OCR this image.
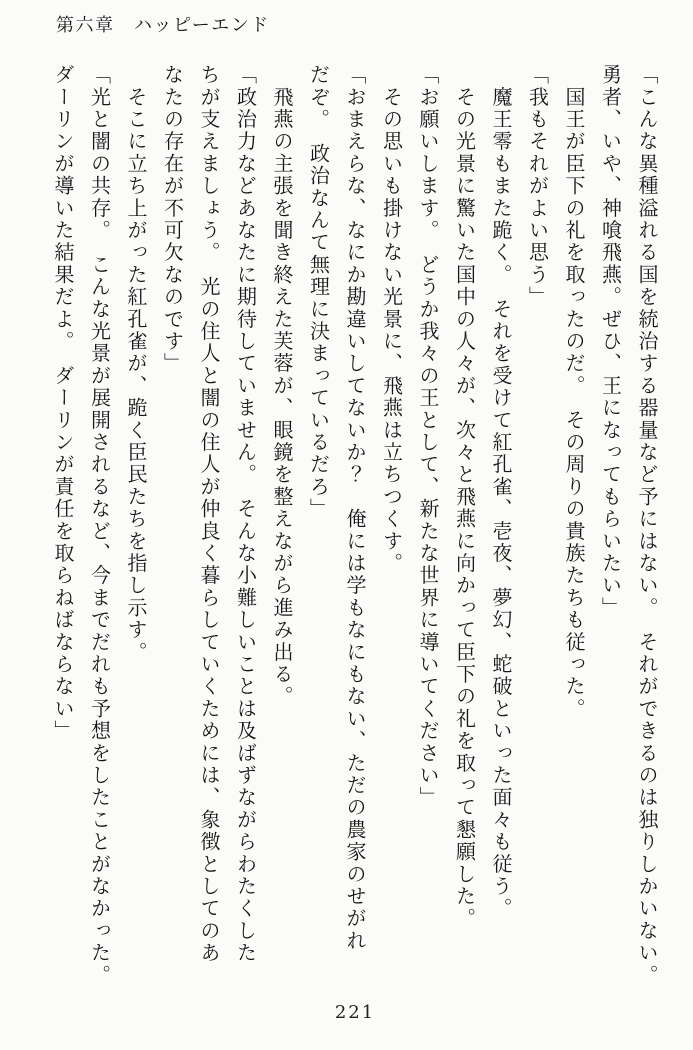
第六章　ハッピーエンド

「こんな異種溢れる国を統治する器量など予にはない。　それができるのは独りしかいない。

勇者、いや、神喰飛燕。ぜひ、王になってもらいたい」

　国王が臣下の礼を取ったのだ。　その周りの貴族たちも従った。

「我もそれがよい思う」

　魔王零もまた跪く。　それを受けて紅孔雀、壱夜、夢幻、蛇破といった面々も従う。

　その光景に驚いた国中の人々が、次々と飛燕に向かって臣下の礼を取って懇願した。

「お願いします。　どうか我々の王として、新たな世界に導いてください」

　その思いも掛けない光景に、飛燕は立ちつくす。

「おまえらな、なにか勘違いしてないか？　俺には学もなにもない、ただの農家のせがれ

だぞ。　政治なんて無理に決まっているだろ」

　飛燕の主張を聞き終えた芙蓉が、眼鏡を整えながら進み出る。

「政治力などあなたに期待していません。　そんな小難しいことは及ばずながらわたくした

ちが支えましょう。　光の住人と闇の住人が仲良く暮らしていくためには、象徴としてのあ

なたの存在が不可欠なのです」

　そこに立ち上がった紅孔雀が、跪く臣民たちを指し示す。

「光と闇の共存。　こんな光景が展開されるなど、今までだれも予想をしたことがなかった。

ダーリンが導いた結果だよ。　ダーリンが責任を取らねばならない」

221
